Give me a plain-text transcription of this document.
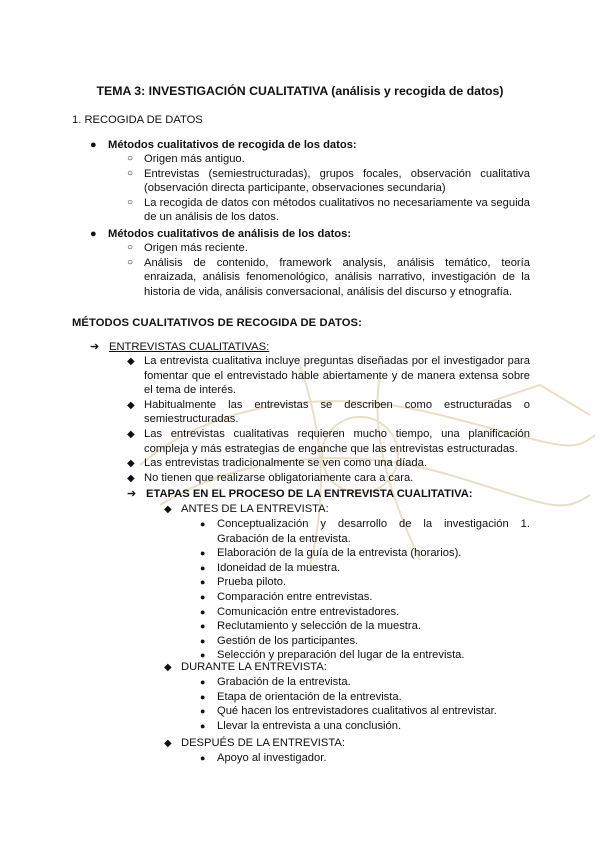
TEMA 3: INVESTIGACIÓN CUALITATIVA (análisis y recogida de datos)
1. RECOGIDA DE DATOS
●	Métodos cualitativos de recogida de los datos:
○ Origen más antiguo.
○ Entrevistas (semiestructuradas), grupos focales, observación cualitativa (observación directa participante, observaciones secundaria)
○ La recogida de datos con métodos cualitativos no necesariamente va seguida de un análisis de los datos.
●	Métodos cualitativos de análisis de los datos:
○ Origen más reciente.
○ Análisis de contenido, framework analysis, análisis temático, teoría enraizada, análisis fenomenológico, análisis narrativo, investigación de la historia de vida, análisis conversacional, análisis del discurso y etnografía.
MÉTODOS CUALITATIVOS DE RECOGIDA DE DATOS:
➔ ENTREVISTAS CUALITATIVAS:
◆ La entrevista cualitativa incluye preguntas diseñadas por el investigador para fomentar que el entrevistado hable abiertamente y de manera extensa sobre el tema de interés.
◆ Habitualmente las entrevistas se describen como estructuradas o semiestructuradas.
◆ Las entrevistas cualitativas requieren mucho tiempo, una planificación compleja y más estrategias de enganche que las entrevistas estructuradas.
◆ Las entrevistas tradicionalmente se ven como una díada.
◆ No tienen que realizarse obligatoriamente cara a cara.
➔ ETAPAS EN EL PROCESO DE LA ENTREVISTA CUALITATIVA:
◆ ANTES DE LA ENTREVISTA:
●	Conceptualización y desarrollo de la investigación 1. Grabación de la entrevista.
●	Elaboración de la guía de la entrevista (horarios).
●	Idoneidad de la muestra.
●	Prueba piloto.
●	Comparación entre entrevistas.
●	Comunicación entre entrevistadores.
●	Reclutamiento y selección de la muestra.
●	Gestión de los participantes.
●	Selección y preparación del lugar de la entrevista.
◆ DURANTE LA ENTREVISTA:
●	Grabación de la entrevista.
●	Etapa de orientación de la entrevista.
●	Qué hacen los entrevistadores cualitativos al entrevistar.
●	Llevar la entrevista a una conclusión.
◆ DESPUÉS DE LA ENTREVISTA:
●	Apoyo al investigador.
